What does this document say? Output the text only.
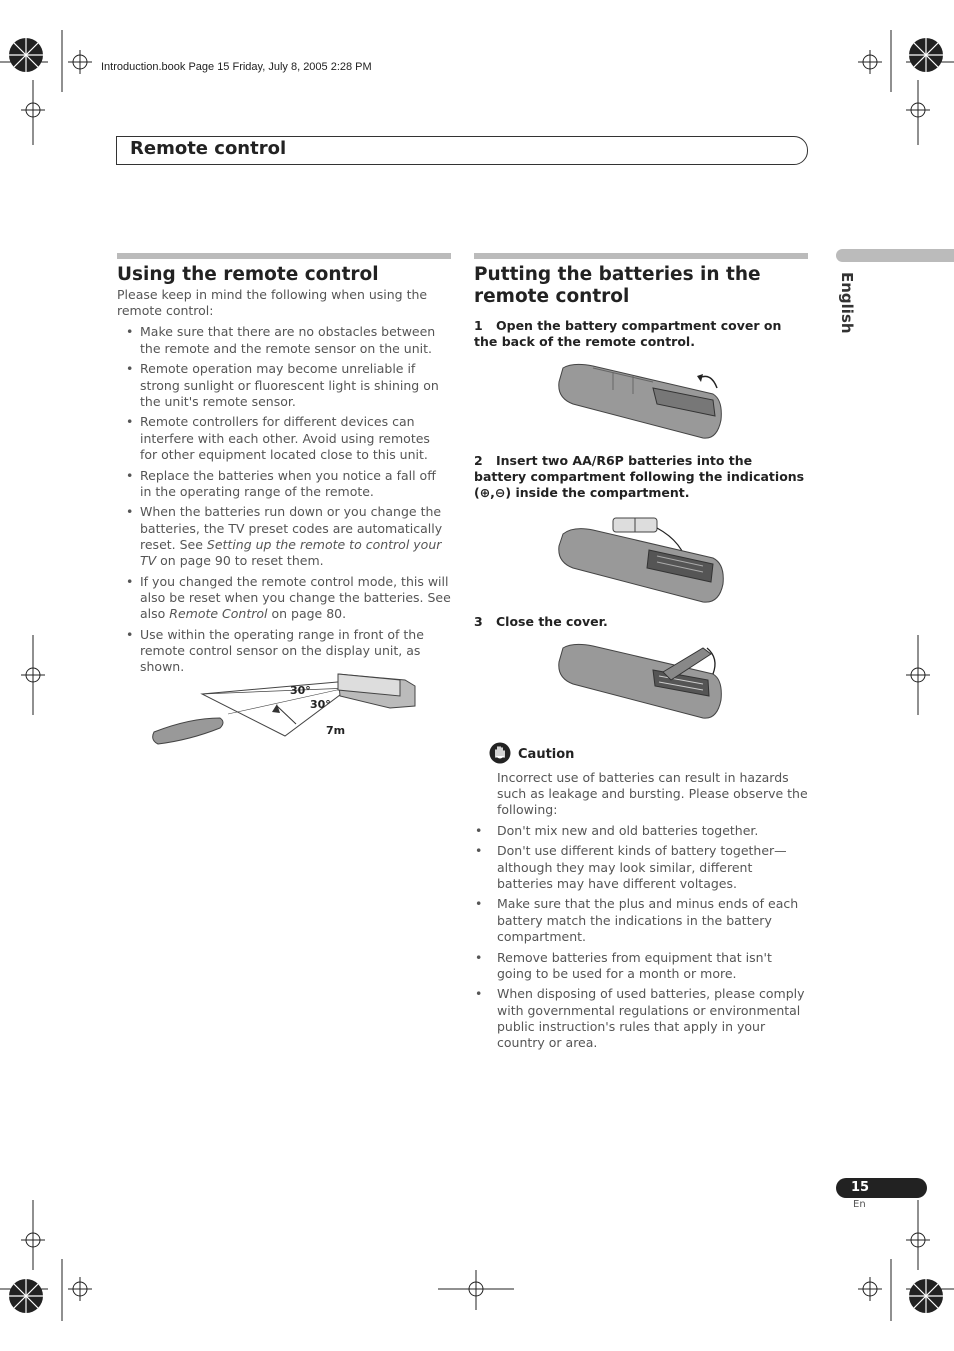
Introduction.book Page 15 Friday, July 8, 2005 2:28 PM
Remote control
English
Using the remote control
Please keep in mind the following when using the remote control:
• Make sure that there are no obstacles between the remote and the remote sensor on the unit.
• Remote operation may become unreliable if strong sunlight or fluorescent light is shining on the unit's remote sensor.
• Remote controllers for different devices can interfere with each other. Avoid using remotes for other equipment located close to this unit.
• Replace the batteries when you notice a fall off in the operating range of the remote.
• When the batteries run down or you change the batteries, the TV preset codes are automatically reset. See Setting up the remote to control your TV on page 90 to reset them.
• If you changed the remote control mode, this will also be reset when you change the batteries. See also Remote Control on page 80.
• Use within the operating range in front of the remote control sensor on the display unit, as shown.
30°
30°
7m
Putting the batteries in the remote control
1 Open the battery compartment cover on the back of the remote control.
2 Insert two AA/R6P batteries into the battery compartment following the indications (⊕,⊖) inside the compartment.
3 Close the cover.
Caution
Incorrect use of batteries can result in hazards such as leakage and bursting. Please observe the following:
• Don't mix new and old batteries together.
• Don't use different kinds of battery together—although they may look similar, different batteries may have different voltages.
• Make sure that the plus and minus ends of each battery match the indications in the battery compartment.
• Remove batteries from equipment that isn't going to be used for a month or more.
• When disposing of used batteries, please comply with governmental regulations or environmental public instruction's rules that apply in your country or area.
15
En
